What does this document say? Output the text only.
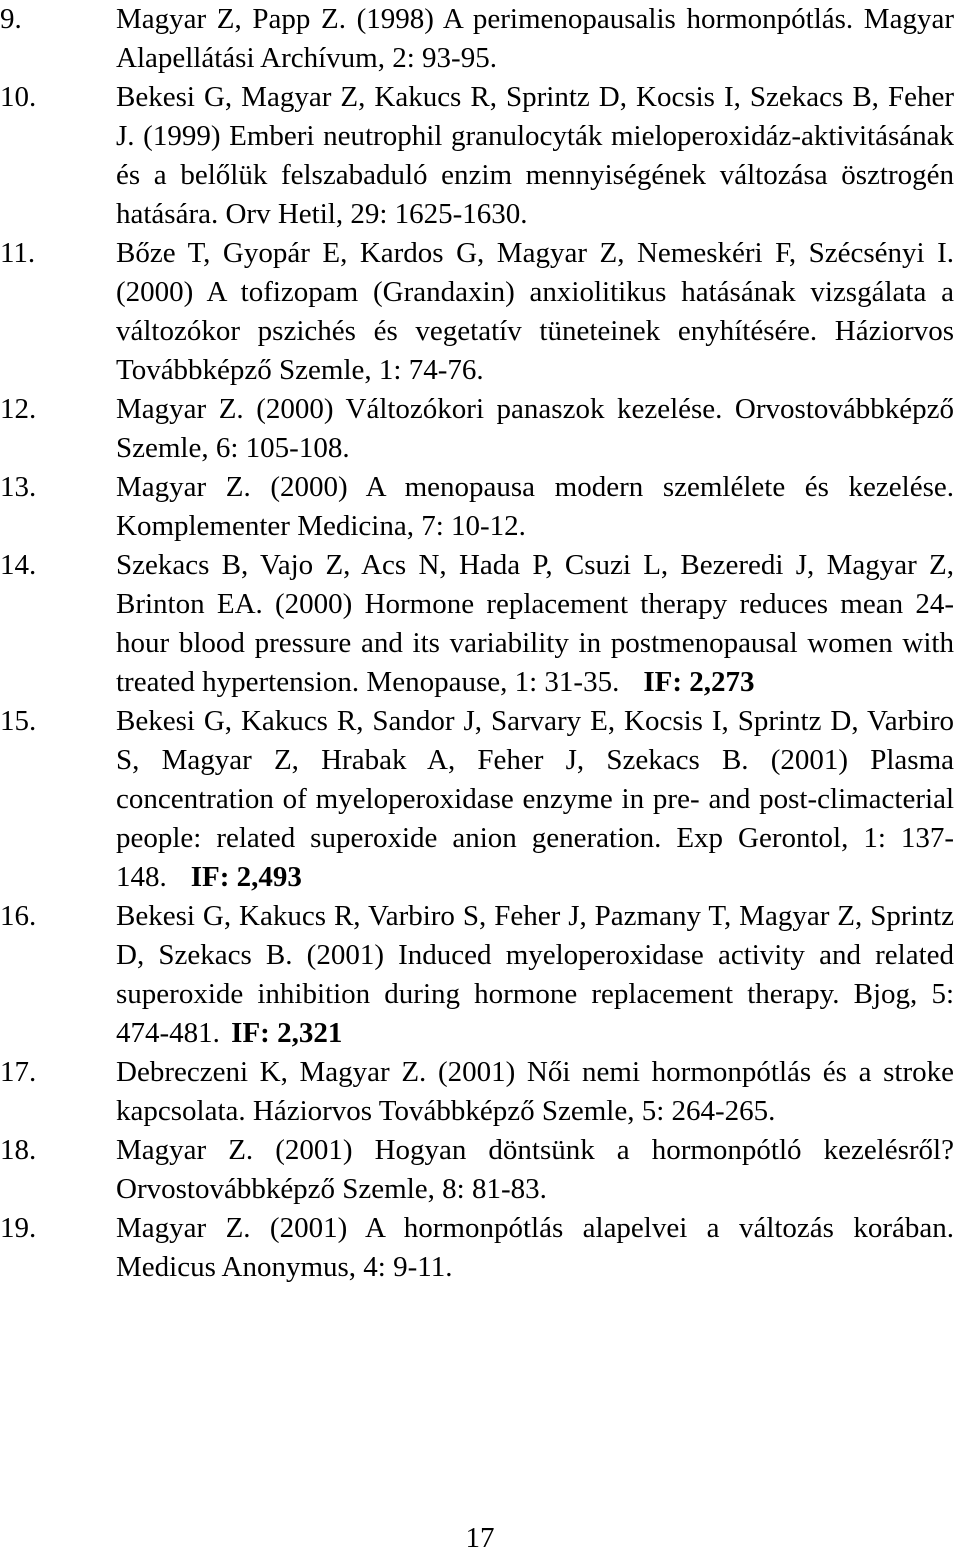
9.	Magyar Z, Papp Z. (1998) A perimenopausalis hormonpótlás. Magyar Alapellátási Archívum, 2: 93-95.
10.	Bekesi G, Magyar Z, Kakucs R, Sprintz D, Kocsis I, Szekacs B, Feher J. (1999) Emberi neutrophil granulocyták mieloperoxidáz-aktivitásának és a belőlük felszabaduló enzim mennyiségének változása ösztrogén hatására. Orv Hetil, 29: 1625-1630.
11.	Bőze T, Gyopár E, Kardos G, Magyar Z, Nemeskéri F, Szécsényi I. (2000) A tofizopam (Grandaxin) anxiolitikus hatásának vizsgálata a változókor pszichés és vegetatív tüneteinek enyhítésére. Háziorvos Továbbképző Szemle, 1: 74-76.
12.	Magyar Z. (2000) Változókori panaszok kezelése. Orvostovábbképző Szemle, 6: 105-108.
13.	Magyar Z. (2000) A menopausa modern szemlélete és kezelése. Komplementer Medicina, 7: 10-12.
14.	Szekacs B, Vajo Z, Acs N, Hada P, Csuzi L, Bezeredi J, Magyar Z, Brinton EA. (2000) Hormone replacement therapy reduces mean 24-hour blood pressure and its variability in postmenopausal women with treated hypertension. Menopause, 1: 31-35. IF: 2,273
15.	Bekesi G, Kakucs R, Sandor J, Sarvary E, Kocsis I, Sprintz D, Varbiro S, Magyar Z, Hrabak A, Feher J, Szekacs B. (2001) Plasma concentration of myeloperoxidase enzyme in pre- and post-climacterial people: related superoxide anion generation. Exp Gerontol, 1: 137-148. IF: 2,493
16.	Bekesi G, Kakucs R, Varbiro S, Feher J, Pazmany T, Magyar Z, Sprintz D, Szekacs B. (2001) Induced myeloperoxidase activity and related superoxide inhibition during hormone replacement therapy. Bjog, 5: 474-481. IF: 2,321
17.	Debreczeni K, Magyar Z. (2001) Női nemi hormonpótlás és a stroke kapcsolata. Háziorvos Továbbképző Szemle, 5: 264-265.
18.	Magyar Z. (2001) Hogyan döntsünk a hormonpótló kezelésről? Orvostovábbképző Szemle, 8: 81-83.
19.	Magyar Z. (2001) A hormonpótlás alapelvei a változás korában. Medicus Anonymus, 4: 9-11.
17
